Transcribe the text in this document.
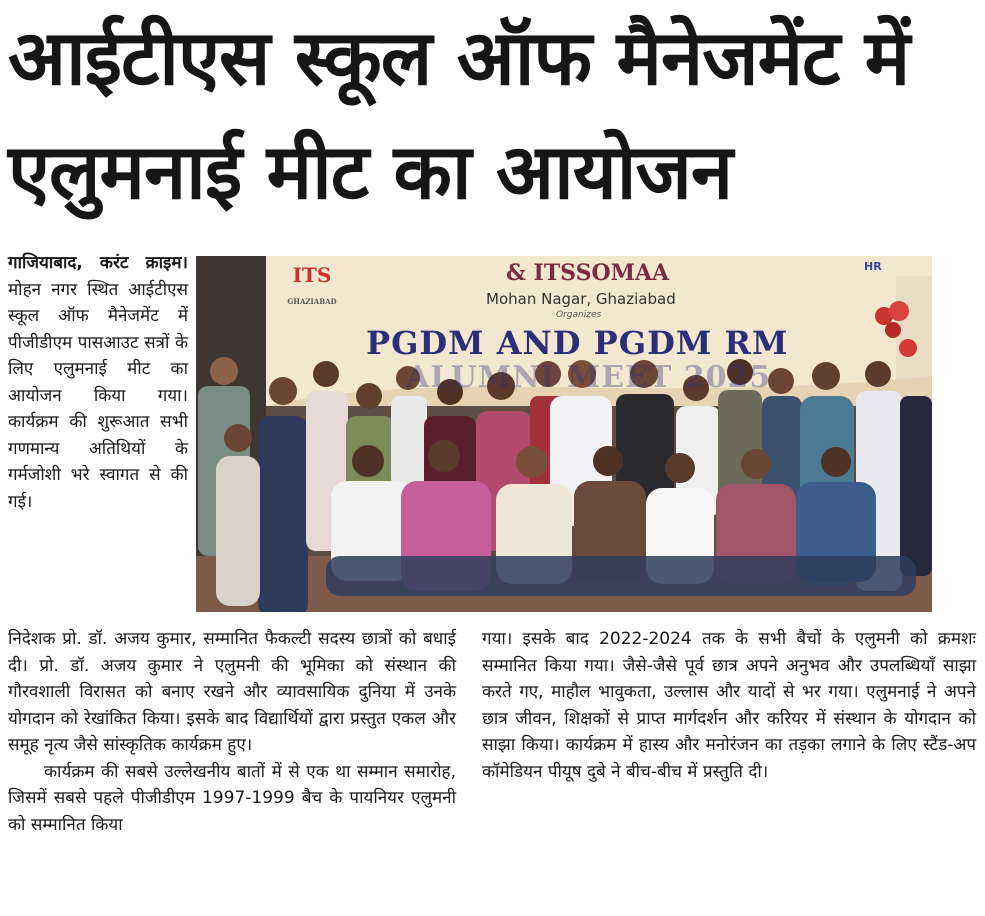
आईटीएस स्कूल ऑफ मैनेजमेंट में
एलुमनाई मीट का आयोजन

गाजियाबाद, करंट क्राइम। मोहन नगर स्थित आईटीएस स्कूल ऑफ मैनेजमेंट में पीजीडीएम पासआउट सत्रों के लिए एलुमनाई मीट का आयोजन किया गया। कार्यक्रम की शुरूआत सभी गणमान्य अतिथियों के गर्मजोशी भरे स्वागत से की गई।

ITS
GHAZIABAD
HR
& ITSSOMAA
Mohan Nagar, Ghaziabad
Organizes
PGDM AND PGDM RM
ALUMNI MEET 2025

निदेशक प्रो. डॉ. अजय कुमार, सम्मानित फैकल्टी सदस्य छात्रों को बधाई दी। प्रो. डॉ. अजय कुमार ने एलुमनी की भूमिका को संस्थान की गौरवशाली विरासत को बनाए रखने और व्यावसायिक दुनिया में उनके योगदान को रेखांकित किया। इसके बाद विद्यार्थियों द्वारा प्रस्तुत एकल और समूह नृत्य जैसे सांस्कृतिक कार्यक्रम हुए।
कार्यक्रम की सबसे उल्लेखनीय बातों में से एक था सम्मान समारोह, जिसमें सबसे पहले पीजीडीएम 1997-1999 बैच के पायनियर एलुमनी को सम्मानित किया

गया। इसके बाद 2022-2024 तक के सभी बैचों के एलुमनी को क्रमशः सम्मानित किया गया। जैसे-जैसे पूर्व छात्र अपने अनुभव और उपलब्धियाँ साझा करते गए, माहौल भावुकता, उल्लास और यादों से भर गया। एलुमनाई ने अपने छात्र जीवन, शिक्षकों से प्राप्त मार्गदर्शन और करियर में संस्थान के योगदान को साझा किया। कार्यक्रम में हास्य और मनोरंजन का तड़का लगाने के लिए स्टैंड-अप कॉमेडियन पीयूष दुबे ने बीच-बीच में प्रस्तुति दी।
